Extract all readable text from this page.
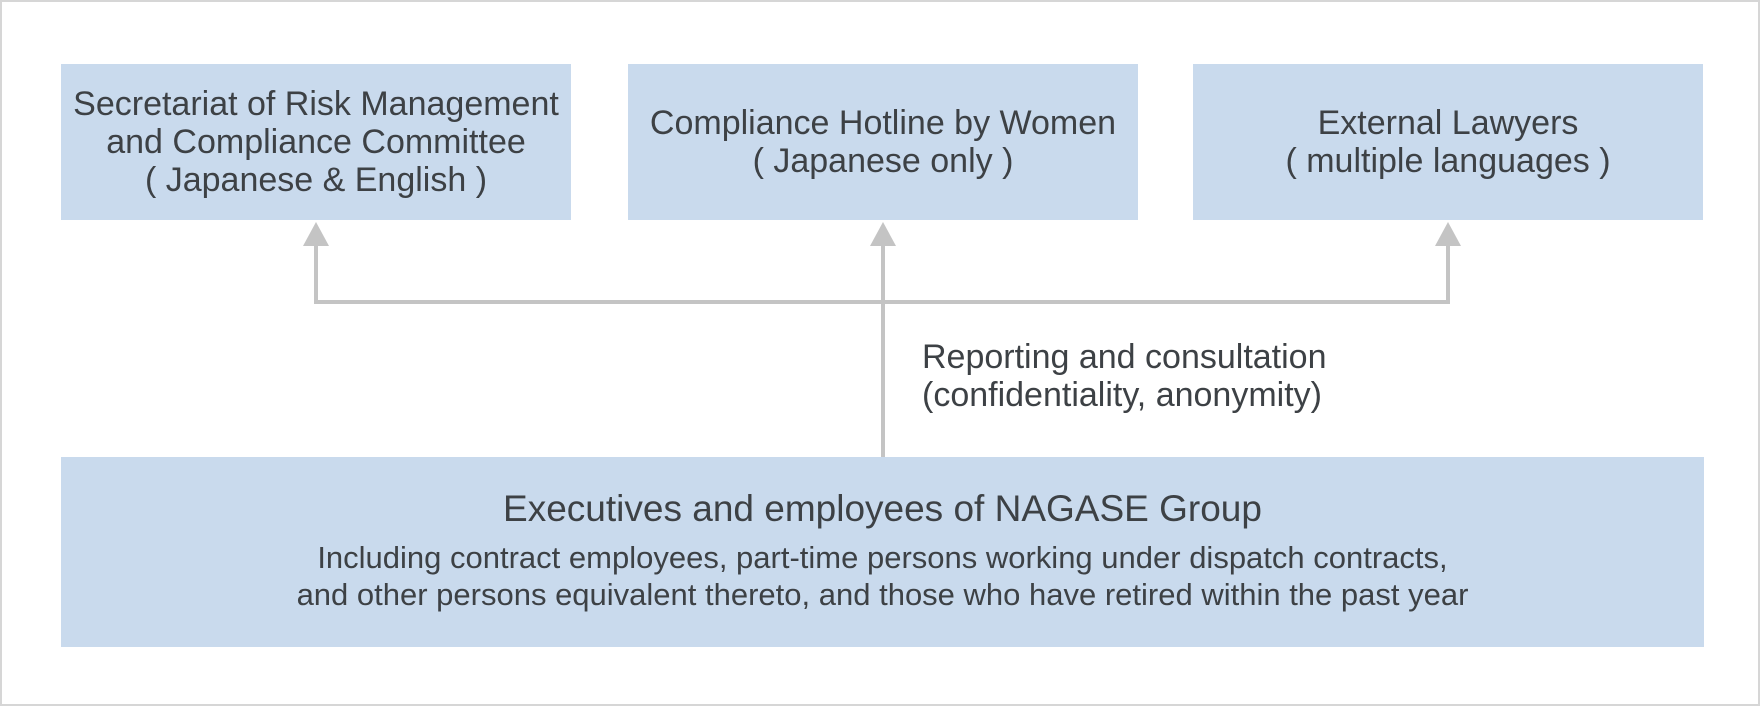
Secretariat of Risk Management
and Compliance Committee
( Japanese & English )
Compliance Hotline by Women
( Japanese only )
External Lawyers
( multiple languages )
Reporting and consultation
(confidentiality, anonymity)
Executives and employees of NAGASE Group
Including contract employees, part-time persons working under dispatch contracts,
and other persons equivalent thereto, and those who have retired within the past year
